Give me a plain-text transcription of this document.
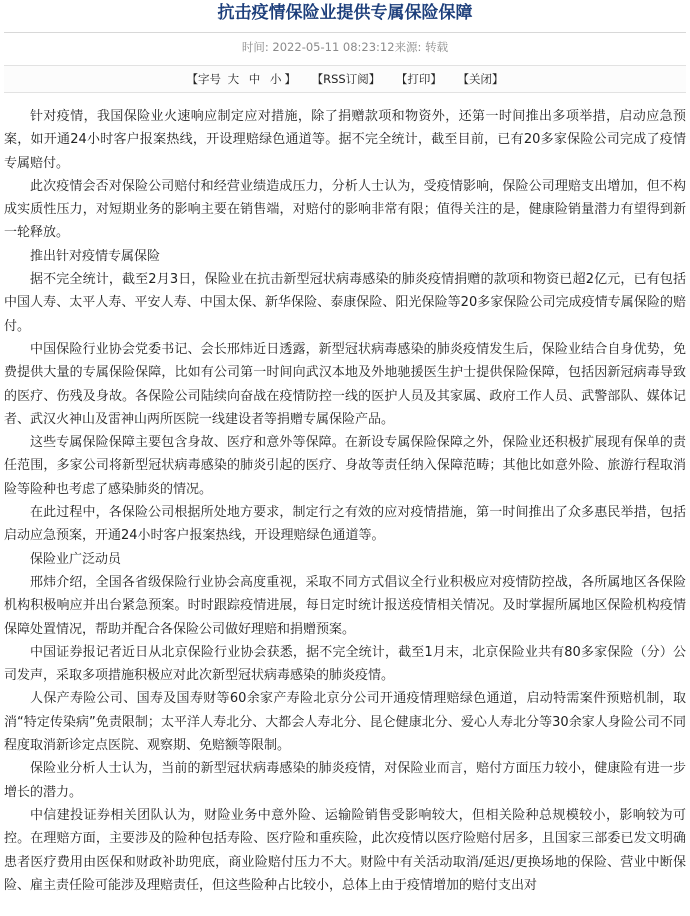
抗击疫情保险业提供专属保险保障
时间: 2022-05-11 08:23:12来源: 转载
【字号 大 中 小 】 【RSS订阅】 【打印】 【关闭】

针对疫情，我国保险业火速响应制定应对措施，除了捐赠款项和物资外，还第一时间推出多项举措，启动应急预案，如开通24小时客户报案热线，开设理赔绿色通道等。据不完全统计，截至目前，已有20多家保险公司完成了疫情专属赔付。

此次疫情会否对保险公司赔付和经营业绩造成压力，分析人士认为，受疫情影响，保险公司理赔支出增加，但不构成实质性压力，对短期业务的影响主要在销售端，对赔付的影响非常有限；值得关注的是，健康险销量潜力有望得到新一轮释放。

推出针对疫情专属保险

据不完全统计，截至2月3日，保险业在抗击新型冠状病毒感染的肺炎疫情捐赠的款项和物资已超2亿元，已有包括中国人寿、太平人寿、平安人寿、中国太保、新华保险、泰康保险、阳光保险等20多家保险公司完成疫情专属保险的赔付。

中国保险行业协会党委书记、会长邢炜近日透露，新型冠状病毒感染的肺炎疫情发生后，保险业结合自身优势，免费提供大量的专属保险保障，比如有公司第一时间向武汉本地及外地驰援医生护士提供保险保障，包括因新冠病毒导致的医疗、伤残及身故。各保险公司陆续向奋战在疫情防控一线的医护人员及其家属、政府工作人员、武警部队、媒体记者、武汉火神山及雷神山两所医院一线建设者等捐赠专属保险产品。

这些专属保险保障主要包含身故、医疗和意外等保障。在新设专属保险保障之外，保险业还积极扩展现有保单的责任范围，多家公司将新型冠状病毒感染的肺炎引起的医疗、身故等责任纳入保障范畴；其他比如意外险、旅游行程取消险等险种也考虑了感染肺炎的情况。

在此过程中，各保险公司根据所处地方要求，制定行之有效的应对疫情措施，第一时间推出了众多惠民举措，包括启动应急预案，开通24小时客户报案热线，开设理赔绿色通道等。

保险业广泛动员

邢炜介绍，全国各省级保险行业协会高度重视，采取不同方式倡议全行业积极应对疫情防控战，各所属地区各保险机构积极响应并出台紧急预案。时时跟踪疫情进展，每日定时统计报送疫情相关情况。及时掌握所属地区保险机构疫情保障处置情况，帮助并配合各保险公司做好理赔和捐赠预案。

中国证券报记者近日从北京保险行业协会获悉，据不完全统计，截至1月末，北京保险业共有80多家保险（分）公司发声，采取多项措施积极应对此次新型冠状病毒感染的肺炎疫情。

人保产寿险公司、国寿及国寿财等60余家产寿险北京分公司开通疫情理赔绿色通道，启动特需案件预赔机制，取消“特定传染病”免责限制；太平洋人寿北分、大都会人寿北分、昆仑健康北分、爱心人寿北分等30余家人身险公司不同程度取消新诊定点医院、观察期、免赔额等限制。

保险业分析人士认为，当前的新型冠状病毒感染的肺炎疫情，对保险业而言，赔付方面压力较小，健康险有进一步增长的潜力。

中信建投证券相关团队认为，财险业务中意外险、运输险销售受影响较大，但相关险种总规模较小，影响较为可控。在理赔方面，主要涉及的险种包括寿险、医疗险和重疾险，此次疫情以医疗险赔付居多，且国家三部委已发文明确患者医疗费用由医保和财政补助兜底，商业险赔付压力不大。财险中有关活动取消/延迟/更换场地的保险、营业中断保险、雇主责任险可能涉及理赔责任，但这些险种占比较小，总体上由于疫情增加的赔付支出对
